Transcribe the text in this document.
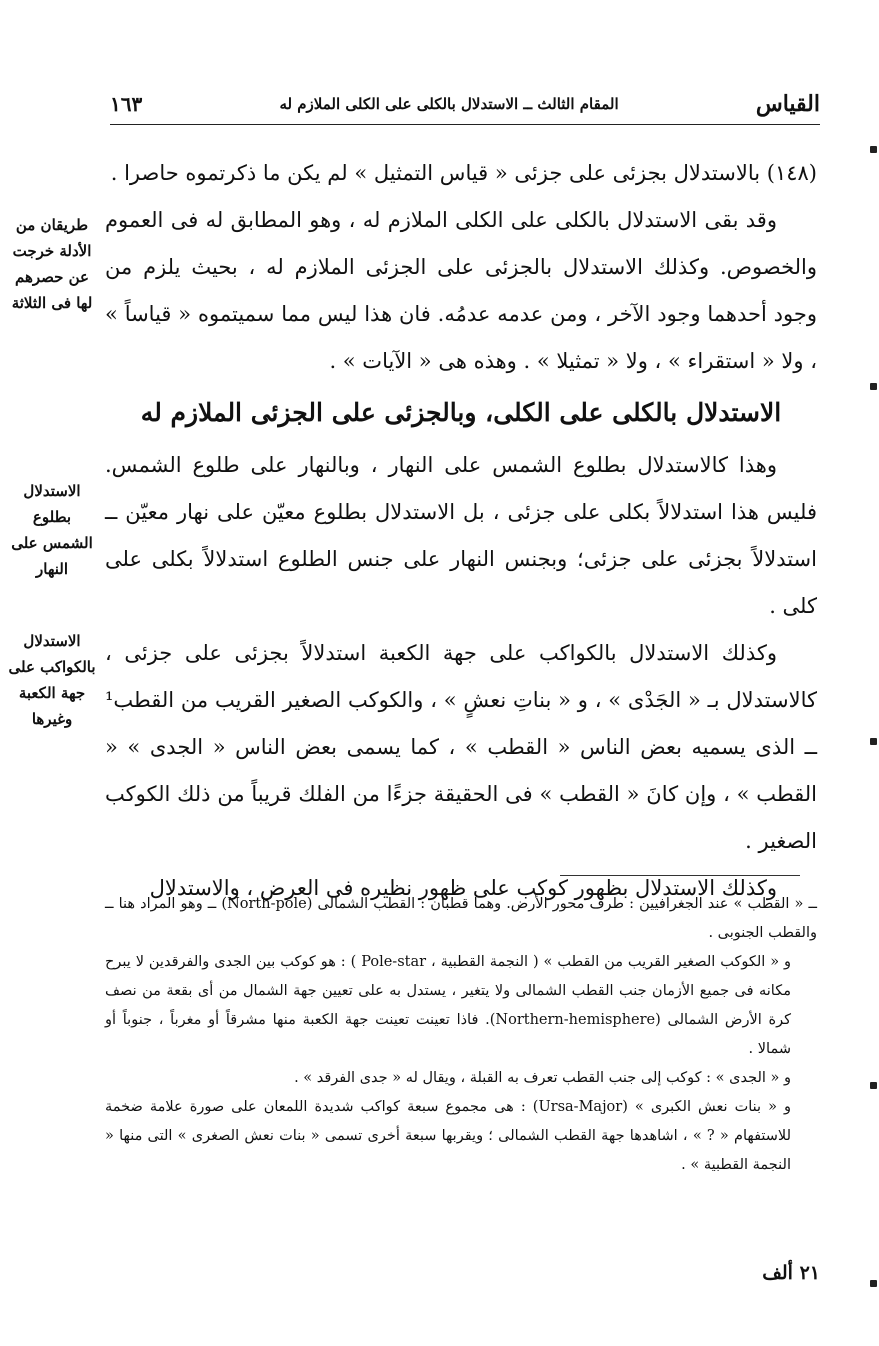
القياس
المقام الثالث ــ الاستدلال بالكلى على الكلى الملازم له
١٦٣
طريقان من الأدلة خرجت عن حصرهم لها فى الثلاثة
الاستدلال بطلوع الشمس على النهار
الاستدلال بالكواكب على جهة الكعبة وغيرها

(١٤٨) بالاستدلال بجزئى على جزئى « قياس التمثيل » لم يكن ما ذكرتموه حاصرا .

وقد بقى الاستدلال بالكلى على الكلى الملازم له ، وهو المطابق له فى العموم والخصوص. وكذلك الاستدلال بالجزئى على الجزئى الملازم له ، بحيث يلزم من وجود أحدهما وجود الآخر ، ومن عدمه عدمُه. فان هذا ليس مما سميتموه « قياساً » ، ولا « استقراء » ، ولا « تمثيلا » . وهذه هى « الآيات » .

الاستدلال بالكلى على الكلى، وبالجزئى على الجزئى الملازم له

وهذا كالاستدلال بطلوع الشمس على النهار ، وبالنهار على طلوع الشمس. فليس هذا استدلالاً بكلى على جزئى ، بل الاستدلال بطلوع معيّن على نهار معيّن ــ استدلالاً بجزئى على جزئى؛ وبجنس النهار على جنس الطلوع استدلالاً بكلى على كلى .

وكذلك الاستدلال بالكواكب على جهة الكعبة استدلالاً بجزئى على جزئى ، كالاستدلال بـ « الجَدْى » ، و « بناتِ نعشٍ » ، والكوكب الصغير القريب من القطب¹ ــ الذى يسميه بعض الناس « القطب » ، كما يسمى بعض الناس « الجدى » « القطب » ، وإن كانَ « القطب » فى الحقيقة جزءًا من الفلك قريباً من ذلك الكوكب الصغير .

وكذلك الاستدلال بظهور كوكب على ظهور نظيره فى العرض ، والاستدلال

ــ « القطب » عند الجغرافيين : طرف محور الأرض. وهما قطبان : القطب الشمالى (North-pole) ــ وهو المراد هنا ــ والقطب الجنوبى .

و « الكوكب الصغير القريب من القطب » ( النجمة القطبية ، Pole-star ) : هو كوكب بين الجدى والفرقدين لا يبرح مكانه فى جميع الأزمان جنب القطب الشمالى ولا يتغير ، يستدل به على تعيين جهة الشمال من أى بقعة من نصف كرة الأرض الشمالى (Northern-hemisphere). فاذا تعينت تعينت جهة الكعبة منها مشرقاً أو مغرباً ، جنوباً أو شمالا .

و « الجدى » : كوكب إلى جنب القطب تعرف به القبلة ، ويقال له « جدى الفرقد » .

و « بنات نعش الكبرى » (Ursa-Major) : هى مجموع سبعة كواكب شديدة اللمعان على صورة علامة ضخمة للاستفهام « ? » ، اشاهدها جهة القطب الشمالى ؛ ويقربها سبعة أخرى تسمى « بنات نعش الصغرى » التى منها « النجمة القطبية » .

٢١ ألف
